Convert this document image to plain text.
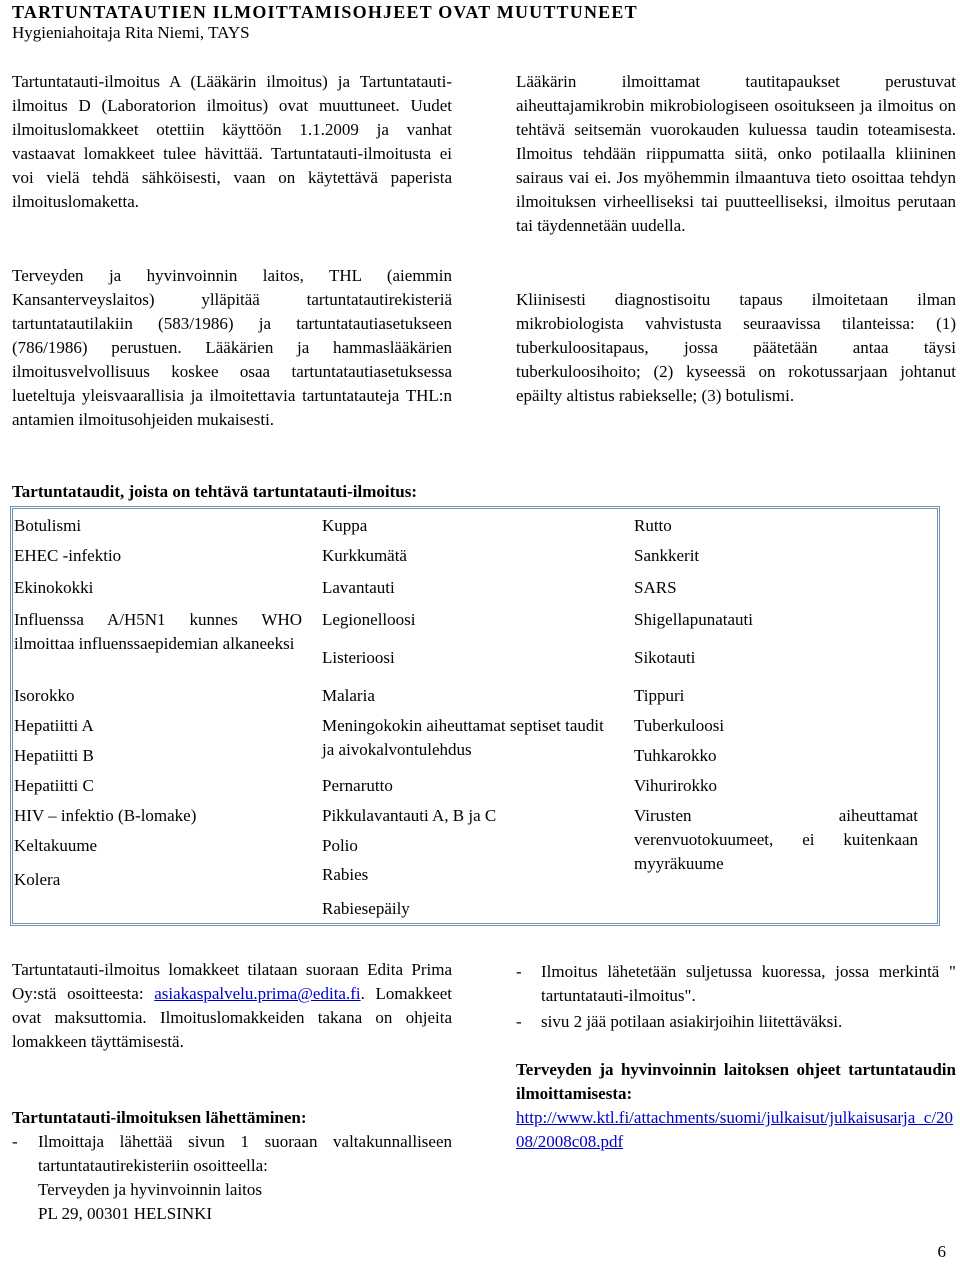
TARTUNTATAUTIEN ILMOITTAMISOHJEET OVAT MUUTTUNEET
Hygieniahoitaja Rita Niemi, TAYS

Tartuntatauti-ilmoitus A (Lääkärin ilmoitus) ja Tartuntatauti-ilmoitus D (Laboratorion ilmoitus) ovat muuttuneet. Uudet ilmoituslomakkeet otettiin käyttöön 1.1.2009 ja vanhat vastaavat lomakkeet tulee hävittää. Tartuntatauti-ilmoitusta ei voi vielä tehdä sähköisesti, vaan on käytettävä paperista ilmoituslomaketta.

Terveyden ja hyvinvoinnin laitos, THL (aiemmin Kansanterveyslaitos) ylläpitää tartuntatautirekisteriä tartuntatautilakiin (583/1986) ja tartuntatautiasetukseen (786/1986) perustuen. Lääkärien ja hammaslääkärien ilmoitusvelvollisuus koskee osaa tartuntatautiasetuksessa lueteltuja yleisvaarallisia ja ilmoitettavia tartuntatauteja THL:n antamien ilmoitusohjeiden mukaisesti.

Lääkärin ilmoittamat tautitapaukset perustuvat aiheuttajamikrobin mikrobiologiseen osoitukseen ja ilmoitus on tehtävä seitsemän vuorokauden kuluessa taudin toteamisesta. Ilmoitus tehdään riippumatta siitä, onko potilaalla kliininen sairaus vai ei. Jos myöhemmin ilmaantuva tieto osoittaa tehdyn ilmoituksen virheelliseksi tai puutteelliseksi, ilmoitus perutaan tai täydennetään uudella.

Kliinisesti diagnostisoitu tapaus ilmoitetaan ilman mikrobiologista vahvistusta seuraavissa tilanteissa: (1) tuberkuloositapaus, jossa päätetään antaa täysi tuberkuloosihoito; (2) kyseessä on rokotussarjaan johtanut epäilty altistus rabiekselle; (3) botulismi.

Tartuntataudit, joista on tehtävä tartuntatauti-ilmoitus:
Botulismi
EHEC -infektio
Ekinokokki
Influenssa A/H5N1 kunnes WHO ilmoittaa influenssaepidemian alkaneeksi
Isorokko
Hepatiitti A
Hepatiitti B
Hepatiitti C
HIV – infektio (B-lomake)
Keltakuume
Kolera
Kuppa
Kurkkumätä
Lavantauti
Legionelloosi
Listerioosi
Malaria
Meningokokin aiheuttamat septiset taudit ja aivokalvontulehdus
Pernarutto
Pikkulavantauti A, B ja C
Polio
Rabies
Rabiesepäily
Rutto
Sankkerit
SARS
Shigellapunatauti
Sikotauti
Tippuri
Tuberkuloosi
Tuhkarokko
Vihurirokko
Virusten aiheuttamat verenvuotokuumeet, ei kuitenkaan myyräkuume

Tartuntatauti-ilmoitus lomakkeet tilataan suoraan Edita Prima Oy:stä osoitteesta: asiakaspalvelu.prima@edita.fi. Lomakkeet ovat maksuttomia. Ilmoituslomakkeiden takana on ohjeita lomakkeen täyttämisestä.

Tartuntatauti-ilmoituksen lähettäminen:
- Ilmoittaja lähettää sivun 1 suoraan valtakunnalliseen tartuntatautirekisteriin osoitteella:

Terveyden ja hyvinvoinnin laitos
PL 29, 00301 HELSINKI
- Ilmoitus lähetetään suljetussa kuoressa, jossa merkintä " tartuntatauti-ilmoitus".

- sivu 2 jää potilaan asiakirjoihin liitettäväksi.

Terveyden ja hyvinvoinnin laitoksen ohjeet tartuntataudin ilmoittamisesta:

http://www.ktl.fi/attachments/suomi/julkaisut/julkaisusarja_c/2008/2008c08.pdf
6
